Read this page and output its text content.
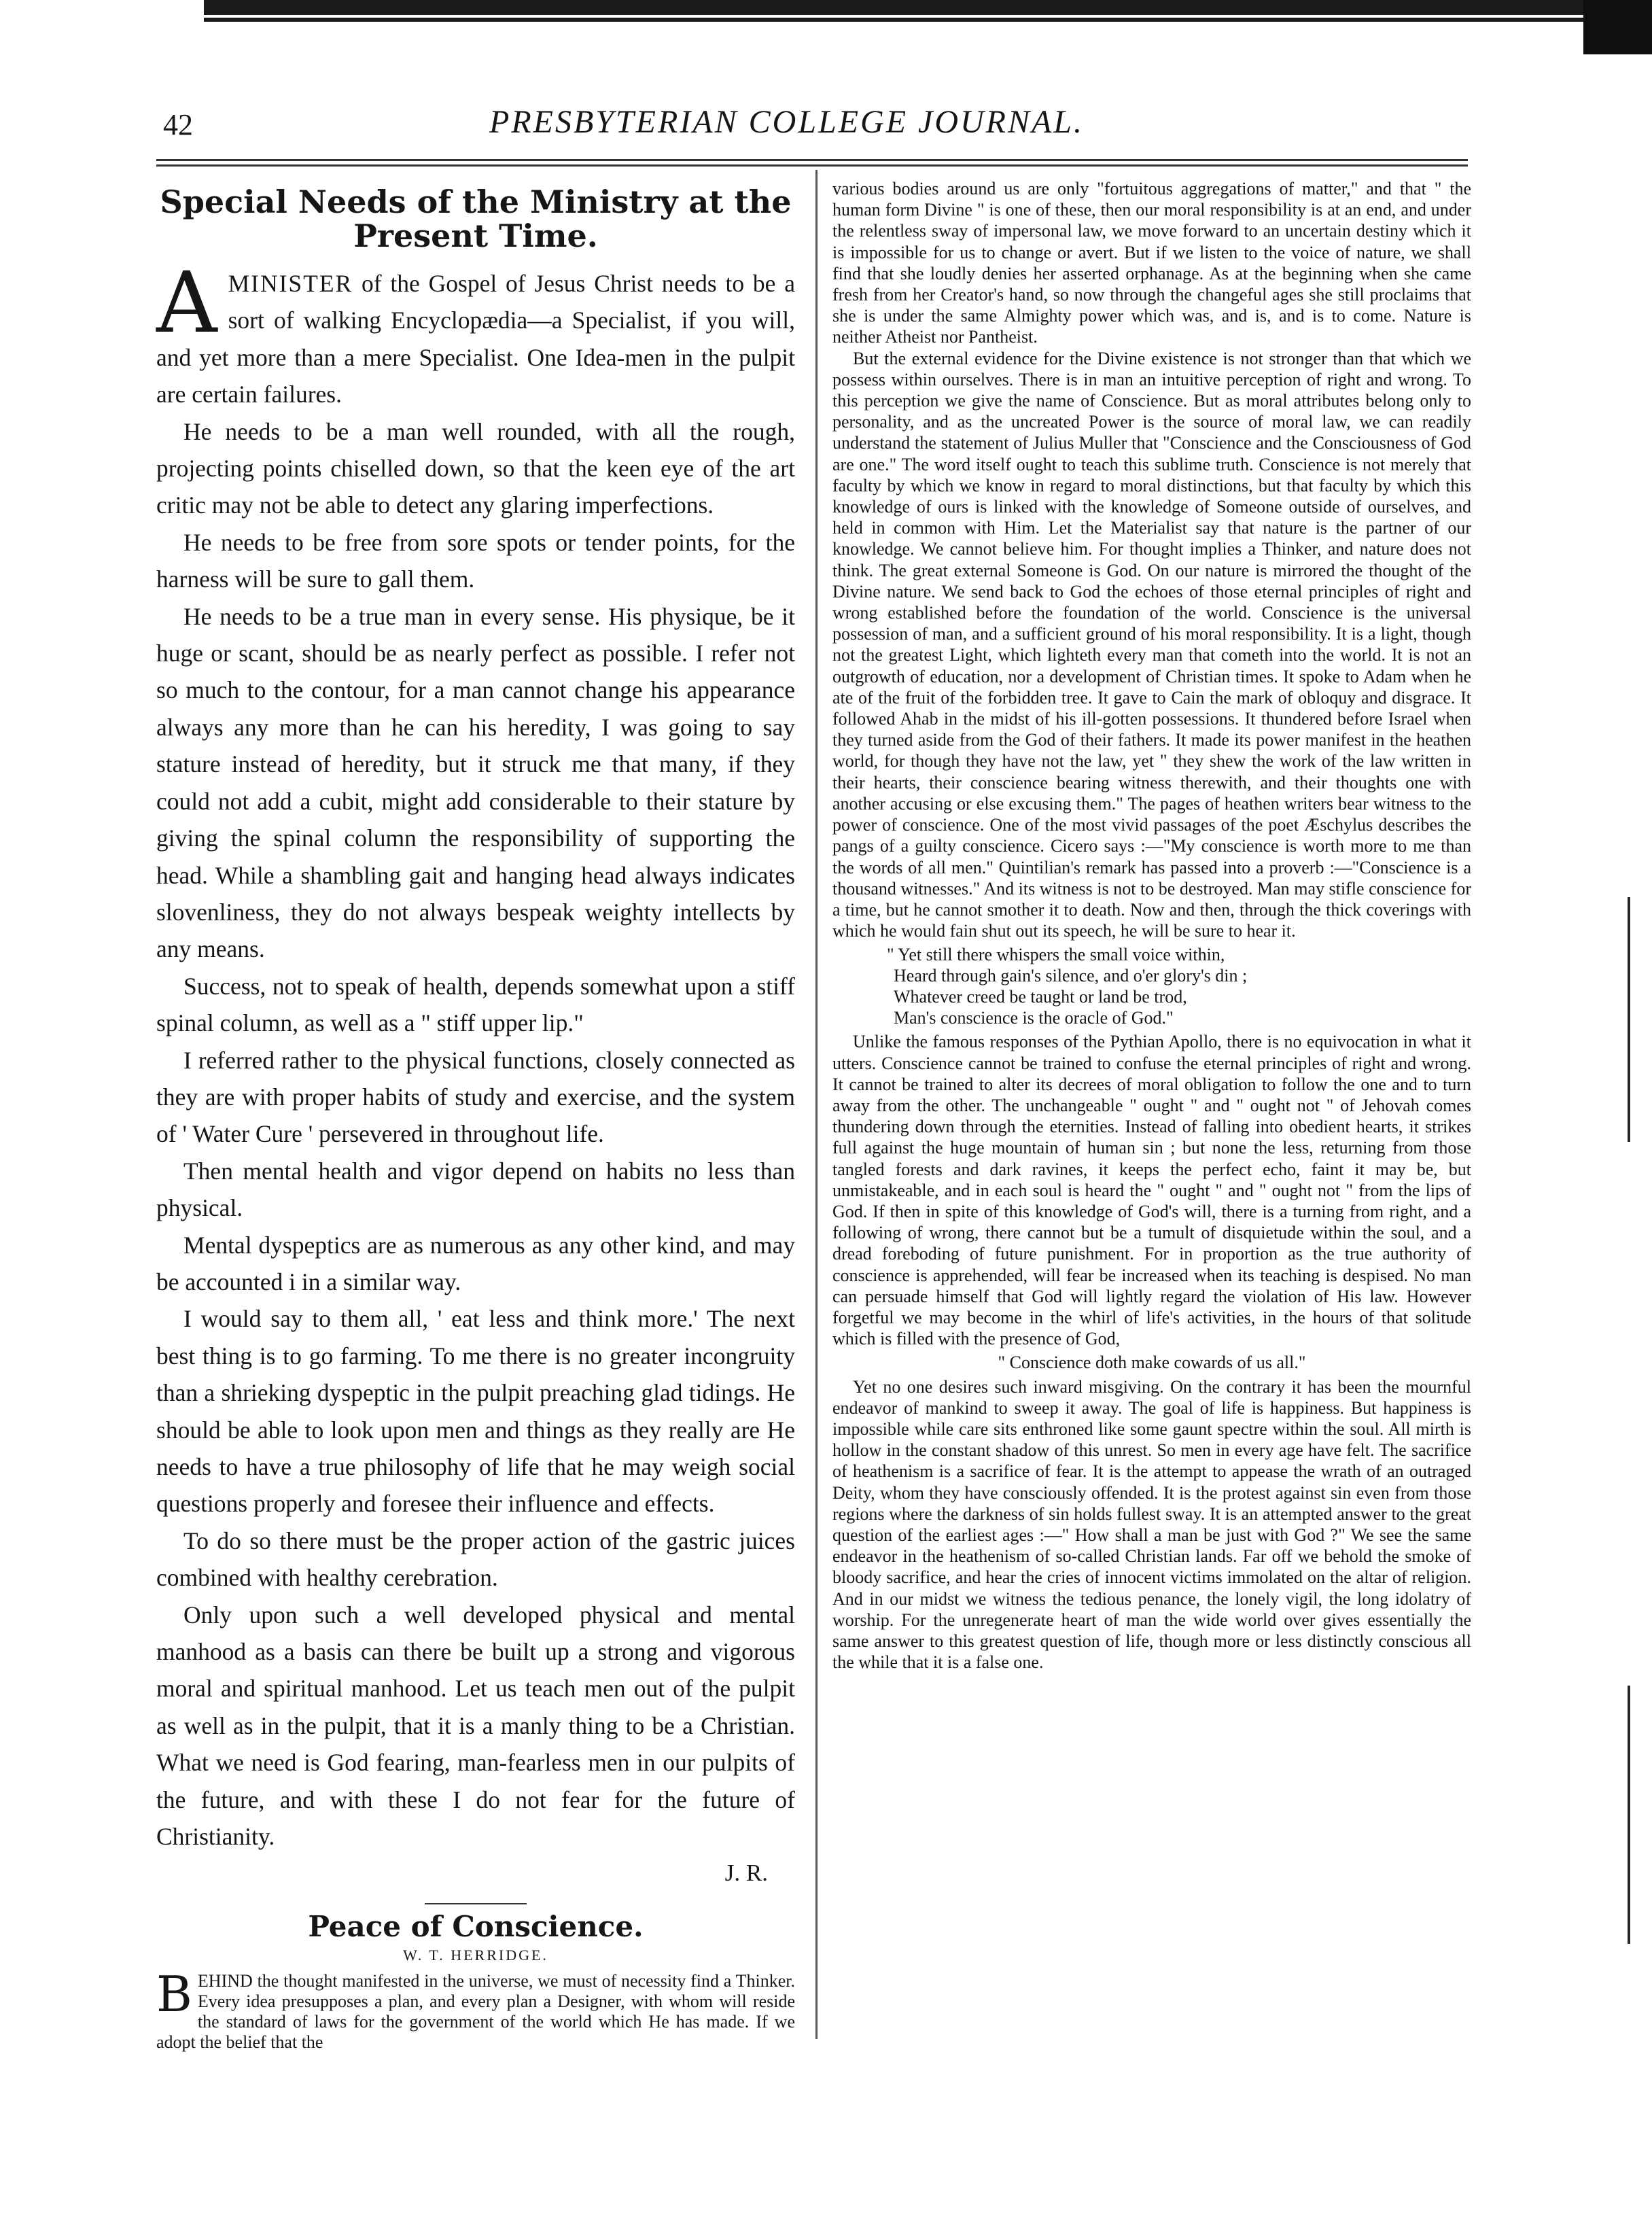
42	PRESBYTERIAN COLLEGE JOURNAL.
Special Needs of the Ministry at the Present Time.

AMINISTER of the Gospel of Jesus Christ needs to be a sort of walking Encyclopædia—a Specialist, if you will, and yet more than a mere Specialist. One Idea-men in the pulpit are certain failures.

He needs to be a man well rounded, with all the rough, projecting points chiselled down, so that the keen eye of the art critic may not be able to detect any glaring imperfections.

He needs to be free from sore spots or tender points, for the harness will be sure to gall them.

He needs to be a true man in every sense. His physique, be it huge or scant, should be as nearly perfect as possible. I refer not so much to the contour, for a man cannot change his appearance always any more than he can his heredity, I was going to say stature instead of heredity, but it struck me that many, if they could not add a cubit, might add considerable to their stature by giving the spinal column the responsibility of supporting the head. While a shambling gait and hanging head always indicates slovenliness, they do not always bespeak weighty intellects by any means.

Success, not to speak of health, depends somewhat upon a stiff spinal column, as well as a " stiff upper lip."

I referred rather to the physical functions, closely connected as they are with proper habits of study and exercise, and the system of ' Water Cure ' persevered in throughout life.

Then mental health and vigor depend on habits no less than physical.

Mental dyspeptics are as numerous as any other kind, and may be accounted i in a similar way.

I would say to them all, ' eat less and think more.' The next best thing is to go farming. To me there is no greater incongruity than a shrieking dyspeptic in the pulpit preaching glad tidings. He should be able to look upon men and things as they really are He needs to have a true philosophy of life that he may weigh social questions properly and foresee their influence and effects.

To do so there must be the proper action of the gastric juices combined with healthy cerebration.

Only upon such a well developed physical and mental manhood as a basis can there be built up a strong and vigorous moral and spiritual manhood. Let us teach men out of the pulpit as well as in the pulpit, that it is a manly thing to be a Christian. What we need is God fearing, man-fearless men in our pulpits of the future, and with these I do not fear for the future of Christianity.

J. R.
Peace of Conscience.
W. T. HERRIDGE.

BEHIND the thought manifested in the universe, we must of necessity find a Thinker. Every idea presupposes a plan, and every plan a Designer, with whom will reside the standard of laws for the government of the world which He has made. If we adopt the belief that the

various bodies around us are only "fortuitous aggregations of matter," and that " the human form Divine " is one of these, then our moral responsibility is at an end, and under the relentless sway of impersonal law, we move forward to an uncertain destiny which it is impossible for us to change or avert. But if we listen to the voice of nature, we shall find that she loudly denies her asserted orphanage. As at the beginning when she came fresh from her Creator's hand, so now through the changeful ages she still proclaims that she is under the same Almighty power which was, and is, and is to come. Nature is neither Atheist nor Pantheist.

But the external evidence for the Divine existence is not stronger than that which we possess within ourselves. There is in man an intuitive perception of right and wrong. To this perception we give the name of Conscience. But as moral attributes belong only to personality, and as the uncreated Power is the source of moral law, we can readily understand the statement of Julius Muller that "Conscience and the Consciousness of God are one." The word itself ought to teach this sublime truth. Conscience is not merely that faculty by which we know in regard to moral distinctions, but that faculty by which this knowledge of ours is linked with the knowledge of Someone outside of ourselves, and held in common with Him. Let the Materialist say that nature is the partner of our knowledge. We cannot believe him. For thought implies a Thinker, and nature does not think. The great external Someone is God. On our nature is mirrored the thought of the Divine nature. We send back to God the echoes of those eternal principles of right and wrong established before the foundation of the world. Conscience is the universal possession of man, and a sufficient ground of his moral responsibility. It is a light, though not the greatest Light, which lighteth every man that cometh into the world. It is not an outgrowth of education, nor a development of Christian times. It spoke to Adam when he ate of the fruit of the forbidden tree. It gave to Cain the mark of obloquy and disgrace. It followed Ahab in the midst of his ill-gotten possessions. It thundered before Israel when they turned aside from the God of their fathers. It made its power manifest in the heathen world, for though they have not the law, yet " they shew the work of the law written in their hearts, their conscience bearing witness therewith, and their thoughts one with another accusing or else excusing them." The pages of heathen writers bear witness to the power of conscience. One of the most vivid passages of the poet Æschylus describes the pangs of a guilty conscience. Cicero says :—"My conscience is worth more to me than the words of all men." Quintilian's remark has passed into a proverb :—"Conscience is a thousand witnesses." And its witness is not to be destroyed. Man may stifle conscience for a time, but he cannot smother it to death. Now and then, through the thick coverings with which he would fain shut out its speech, he will be sure to hear it.

" Yet still there whispers the small voice within,
Heard through gain's silence, and o'er glory's din ;
Whatever creed be taught or land be trod,
Man's conscience is the oracle of God."

Unlike the famous responses of the Pythian Apollo, there is no equivocation in what it utters. Conscience cannot be trained to confuse the eternal principles of right and wrong. It cannot be trained to alter its decrees of moral obligation to follow the one and to turn away from the other. The unchangeable " ought " and " ought not " of Jehovah comes thundering down through the eternities. Instead of falling into obedient hearts, it strikes full against the huge mountain of human sin ; but none the less, returning from those tangled forests and dark ravines, it keeps the perfect echo, faint it may be, but unmistakeable, and in each soul is heard the " ought " and " ought not " from the lips of God. If then in spite of this knowledge of God's will, there is a turning from right, and a following of wrong, there cannot but be a tumult of disquietude within the soul, and a dread foreboding of future punishment. For in proportion as the true authority of conscience is apprehended, will fear be increased when its teaching is despised. No man can persuade himself that God will lightly regard the violation of His law. However forgetful we may become in the whirl of life's activities, in the hours of that solitude which is filled with the presence of God,

" Conscience doth make cowards of us all."

Yet no one desires such inward misgiving. On the contrary it has been the mournful endeavor of mankind to sweep it away. The goal of life is happiness. But happiness is impossible while care sits enthroned like some gaunt spectre within the soul. All mirth is hollow in the constant shadow of this unrest. So men in every age have felt. The sacrifice of heathenism is a sacrifice of fear. It is the attempt to appease the wrath of an outraged Deity, whom they have consciously offended. It is the protest against sin even from those regions where the darkness of sin holds fullest sway. It is an attempted answer to the great question of the earliest ages :—" How shall a man be just with God ?" We see the same endeavor in the heathenism of so-called Christian lands. Far off we behold the smoke of bloody sacrifice, and hear the cries of innocent victims immolated on the altar of religion. And in our midst we witness the tedious penance, the lonely vigil, the long idolatry of worship. For the unregenerate heart of man the wide world over gives essentially the same answer to this greatest question of life, though more or less distinctly conscious all the while that it is a false one.
